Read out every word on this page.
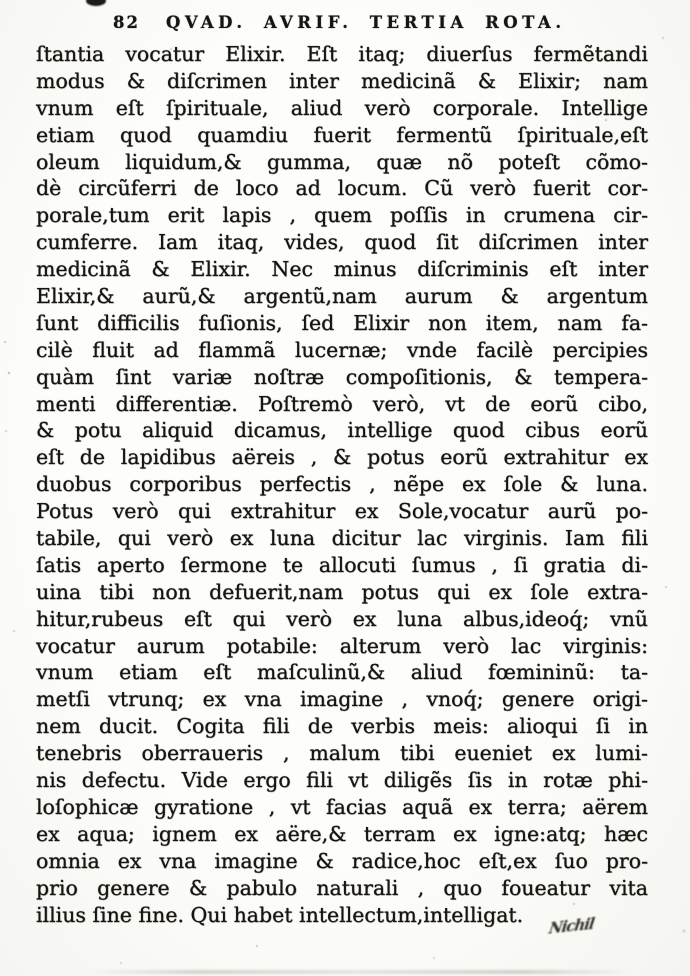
82 QVAD. AVRIF. TERTIA ROTA.
ſtantia vocatur Elixir. Eſt itaq; diuerſus fermẽtandi
modus & diſcrimen inter medicinã & Elixir; nam
vnum eſt ſpirituale, aliud verò corporale. Intellige
etiam quod quamdiu fuerit fermentũ ſpirituale,eſt
oleum liquidum,& gumma, quæ nõ poteſt cõmo-
dè circũferri de loco ad locum. Cũ verò fuerit cor-
porale,tum erit lapis , quem poſſis in crumena cir-
cumferre. Iam itaq, vides, quod ſit diſcrimen inter
medicinã & Elixir. Nec minus diſcriminis eſt inter
Elixir,& aurũ,& argentũ,nam aurum & argentum
ſunt difficilis fuſionis, ſed Elixir non item, nam fa-
cilè fluit ad flammã lucernæ; vnde facilè percipies
quàm ſint variæ noſtræ compoſitionis, & tempera-
menti differentiæ. Poſtremò verò, vt de eorũ cibo,
& potu aliquid dicamus, intellige quod cibus eorũ
eſt de lapidibus aëreis , & potus eorũ extrahitur ex
duobus corporibus perfectis , nẽpe ex ſole & luna.
Potus verò qui extrahitur ex Sole,vocatur aurũ po-
tabile, qui verò ex luna dicitur lac virginis. Iam fili
ſatis aperto ſermone te allocuti ſumus , ſi gratia di-
uina tibi non defuerit,nam potus qui ex ſole extra-
hitur,rubeus eſt qui verò ex luna albus,ideoq́; vnũ
vocatur aurum potabile: alterum verò lac virginis:
vnum etiam eſt maſculinũ,& aliud fœmininũ: ta-
metſi vtrunq; ex vna imagine , vnoq́; genere origi-
nem ducit. Cogita fili de verbis meis: alioqui ſi in
tenebris oberraueris , malum tibi eueniet ex lumi-
nis defectu. Vide ergo fili vt diligẽs ſis in rotæ phi-
loſophicæ gyratione , vt facias aquã ex terra; aërem
ex aqua; ignem ex aëre,& terram ex igne:atq; hæc
omnia ex vna imagine & radice,hoc eſt,ex ſuo pro-
prio genere & pabulo naturali , quo foueatur vita
illius ſine fine. Qui habet intellectum,intelligat.	Nichil
